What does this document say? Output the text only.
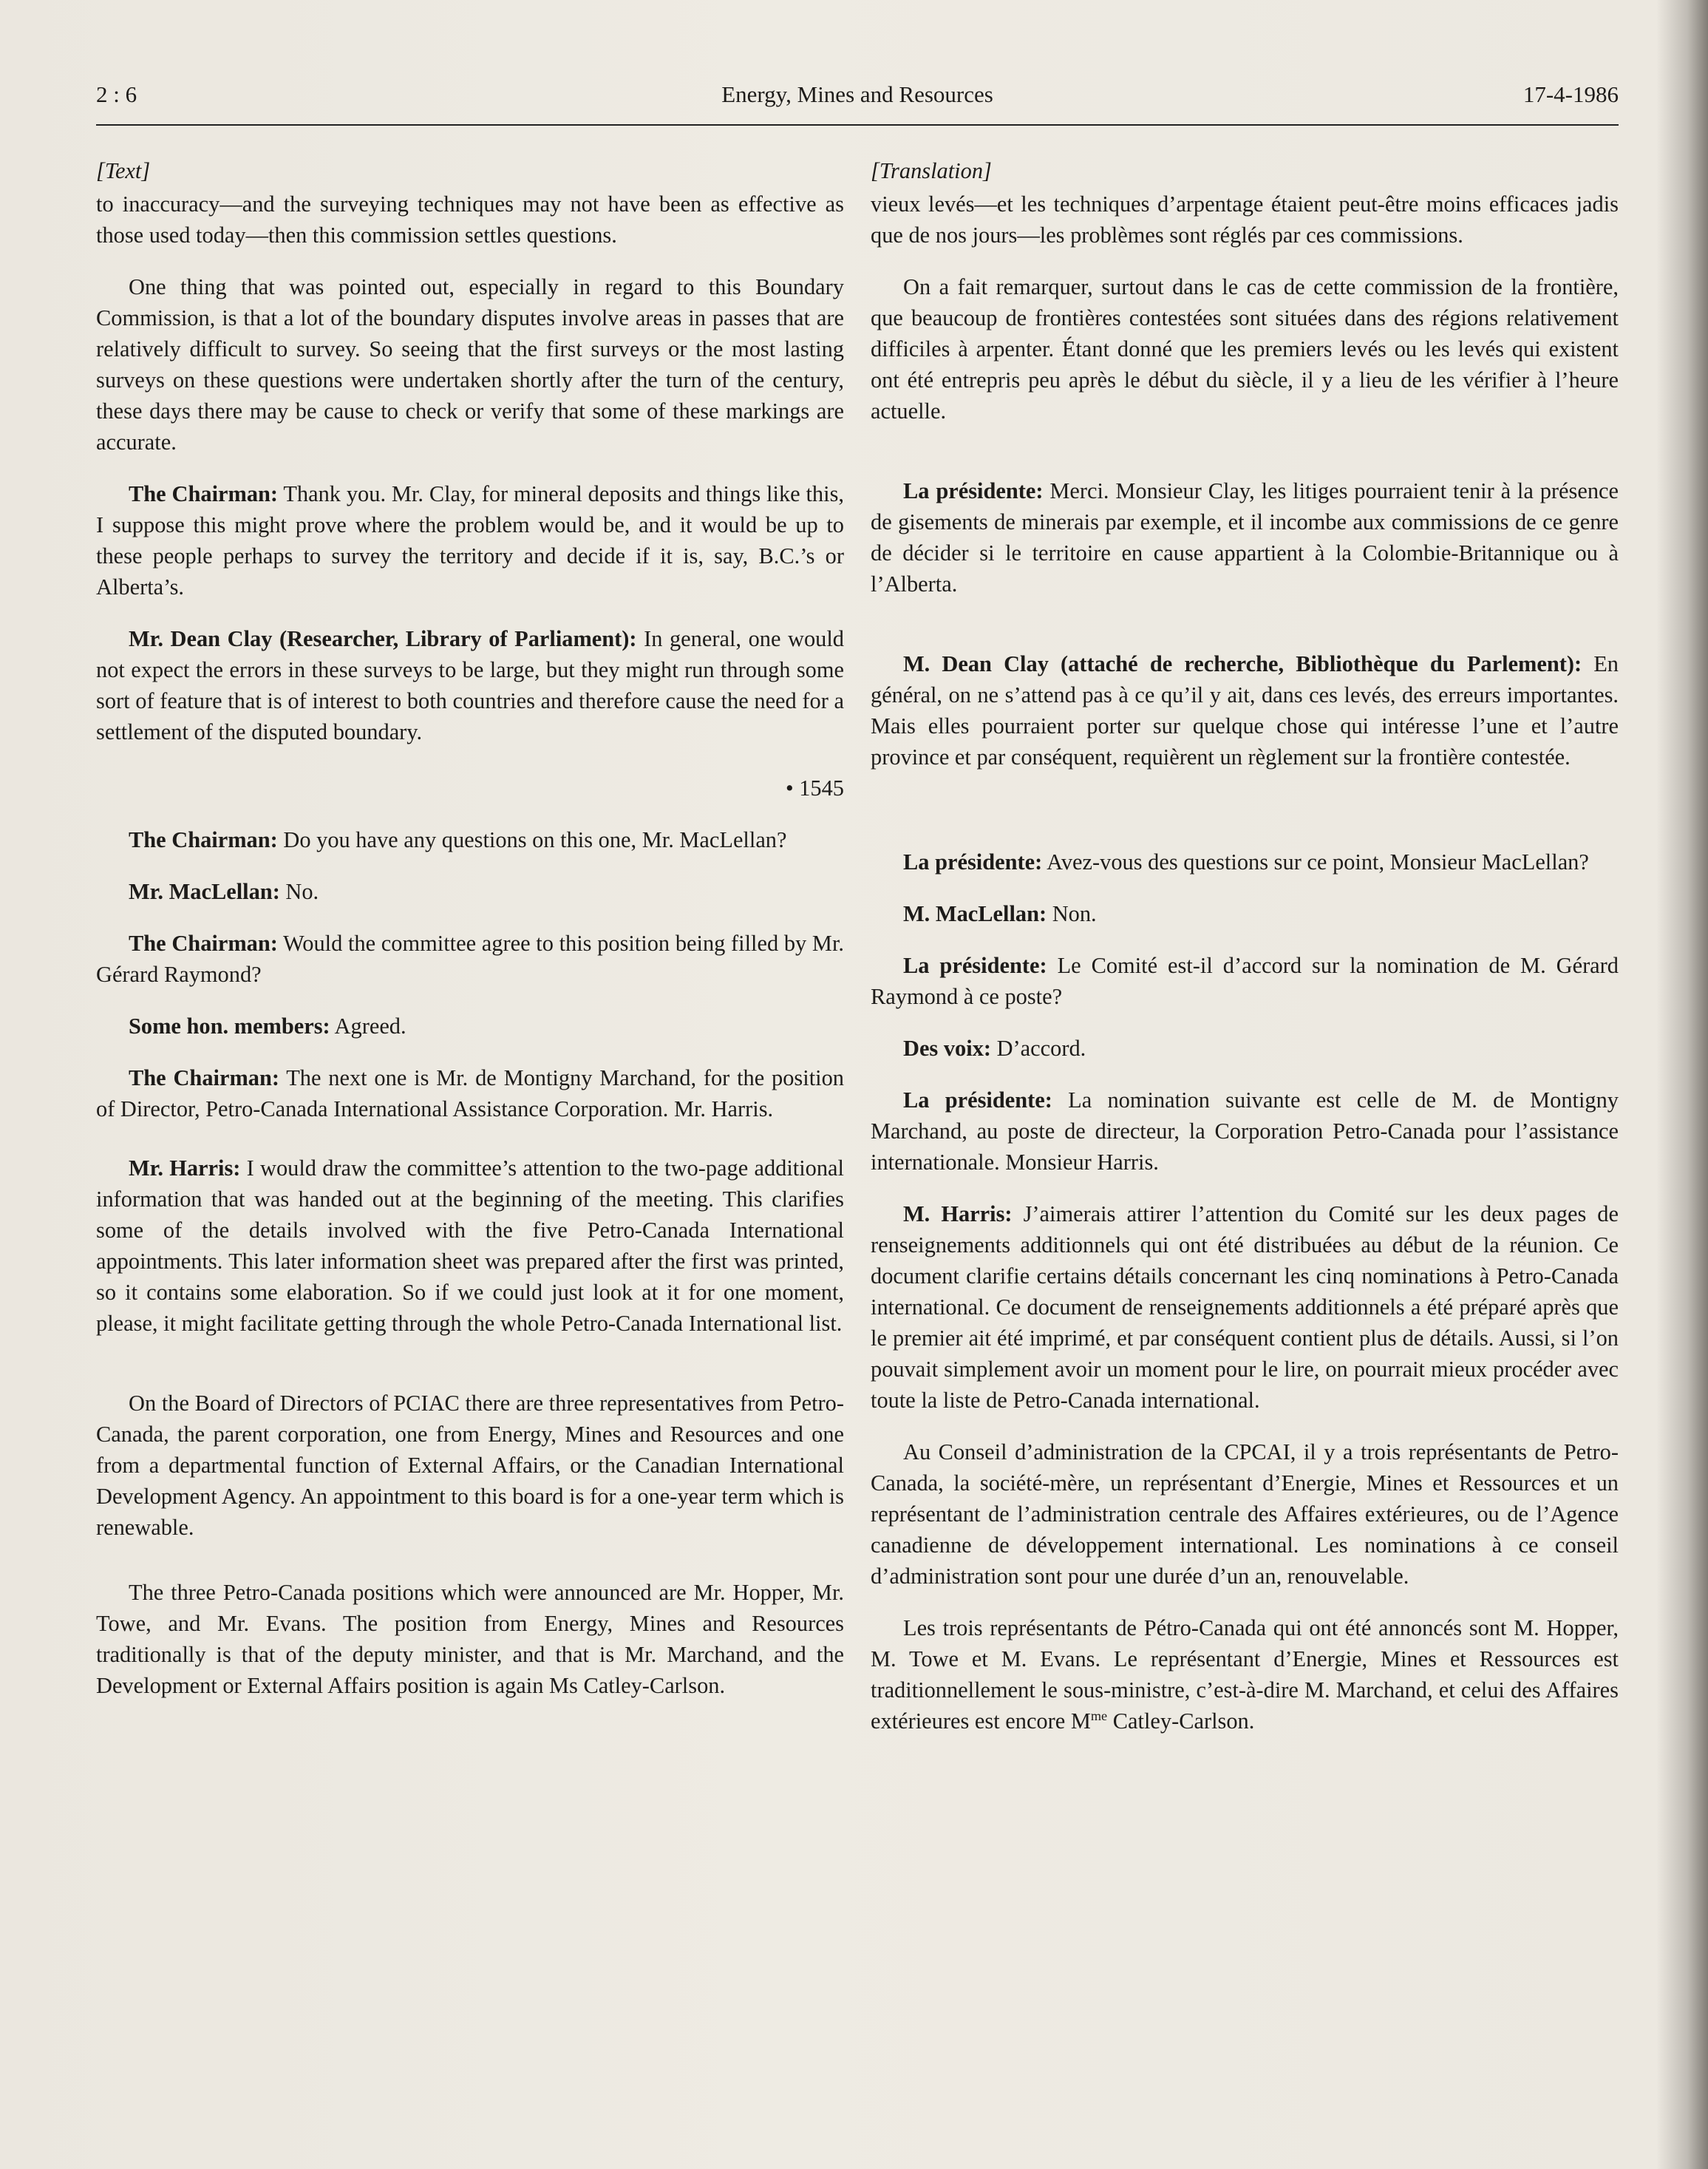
2 : 6	Energy, Mines and Resources	17-4-1986
[Text]

to inaccuracy—and the surveying techniques may not have been as effective as those used today—then this commission settles questions.

One thing that was pointed out, especially in regard to this Boundary Commission, is that a lot of the boundary disputes involve areas in passes that are relatively difficult to survey. So seeing that the first surveys or the most lasting surveys on these questions were undertaken shortly after the turn of the century, these days there may be cause to check or verify that some of these markings are accurate.

The Chairman: Thank you. Mr. Clay, for mineral deposits and things like this, I suppose this might prove where the problem would be, and it would be up to these people perhaps to survey the territory and decide if it is, say, B.C.’s or Alberta’s.

Mr. Dean Clay (Researcher, Library of Parliament): In general, one would not expect the errors in these surveys to be large, but they might run through some sort of feature that is of interest to both countries and therefore cause the need for a settlement of the disputed boundary.

• 1545

The Chairman: Do you have any questions on this one, Mr. MacLellan?

Mr. MacLellan: No.

The Chairman: Would the committee agree to this position being filled by Mr. Gérard Raymond?

Some hon. members: Agreed.

The Chairman: The next one is Mr. de Montigny Marchand, for the position of Director, Petro-Canada International Assistance Corporation. Mr. Harris.

Mr. Harris: I would draw the committee’s attention to the two-page additional information that was handed out at the beginning of the meeting. This clarifies some of the details involved with the five Petro-Canada International appointments. This later information sheet was prepared after the first was printed, so it contains some elaboration. So if we could just look at it for one moment, please, it might facilitate getting through the whole Petro-Canada International list.

On the Board of Directors of PCIAC there are three representatives from Petro-Canada, the parent corporation, one from Energy, Mines and Resources and one from a departmental function of External Affairs, or the Canadian International Development Agency. An appointment to this board is for a one-year term which is renewable.

The three Petro-Canada positions which were announced are Mr. Hopper, Mr. Towe, and Mr. Evans. The position from Energy, Mines and Resources traditionally is that of the deputy minister, and that is Mr. Marchand, and the Development or External Affairs position is again Ms Catley-Carlson.

[Translation]

vieux levés—et les techniques d’arpentage étaient peut-être moins efficaces jadis que de nos jours—les problèmes sont réglés par ces commissions.

On a fait remarquer, surtout dans le cas de cette commission de la frontière, que beaucoup de frontières contestées sont situées dans des régions relativement difficiles à arpenter. Étant donné que les premiers levés ou les levés qui existent ont été entrepris peu après le début du siècle, il y a lieu de les vérifier à l’heure actuelle.

La présidente: Merci. Monsieur Clay, les litiges pourraient tenir à la présence de gisements de minerais par exemple, et il incombe aux commissions de ce genre de décider si le territoire en cause appartient à la Colombie-Britannique ou à l’Alberta.

M. Dean Clay (attaché de recherche, Bibliothèque du Parlement): En général, on ne s’attend pas à ce qu’il y ait, dans ces levés, des erreurs importantes. Mais elles pourraient porter sur quelque chose qui intéresse l’une et l’autre province et par conséquent, requièrent un règlement sur la frontière contestée.

La présidente: Avez-vous des questions sur ce point, Monsieur MacLellan?

M. MacLellan: Non.

La présidente: Le Comité est-il d’accord sur la nomination de M. Gérard Raymond à ce poste?

Des voix: D’accord.

La présidente: La nomination suivante est celle de M. de Montigny Marchand, au poste de directeur, la Corporation Petro-Canada pour l’assistance internationale. Monsieur Harris.

M. Harris: J’aimerais attirer l’attention du Comité sur les deux pages de renseignements additionnels qui ont été distribuées au début de la réunion. Ce document clarifie certains détails concernant les cinq nominations à Petro-Canada international. Ce document de renseignements additionnels a été préparé après que le premier ait été imprimé, et par conséquent contient plus de détails. Aussi, si l’on pouvait simplement avoir un moment pour le lire, on pourrait mieux procéder avec toute la liste de Petro-Canada international.

Au Conseil d’administration de la CPCAI, il y a trois représentants de Petro-Canada, la société-mère, un représentant d’Energie, Mines et Ressources et un représentant de l’administration centrale des Affaires extérieures, ou de l’Agence canadienne de développement international. Les nominations à ce conseil d’administration sont pour une durée d’un an, renouvelable.

Les trois représentants de Pétro-Canada qui ont été annoncés sont M. Hopper, M. Towe et M. Evans. Le représentant d’Energie, Mines et Ressources est traditionnellement le sous-ministre, c’est-à-dire M. Marchand, et celui des Affaires extérieures est encore $M^{me}$ Catley-Carlson.
